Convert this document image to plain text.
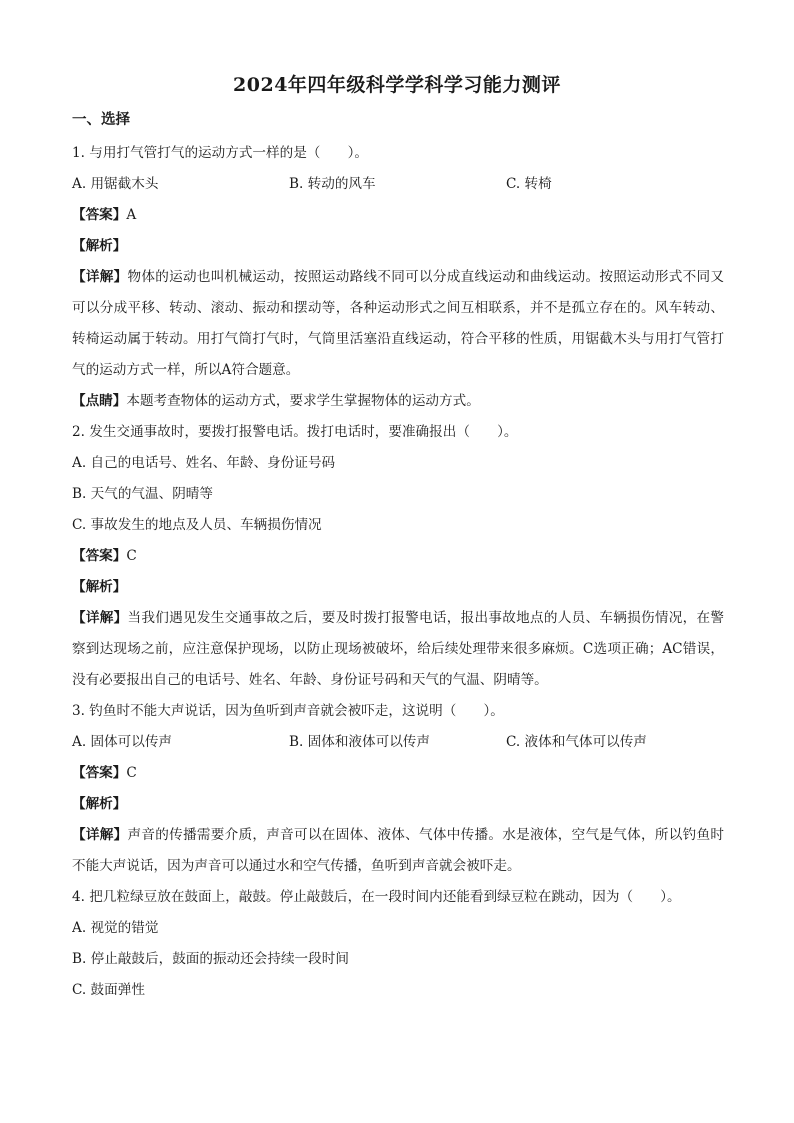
2024年四年级科学学科学习能力测评
一、选择
1. 与用打气管打气的运动方式一样的是（　　）。
A. 用锯截木头	B. 转动的风车	C. 转椅
【答案】A
【解析】
【详解】物体的运动也叫机械运动，按照运动路线不同可以分成直线运动和曲线运动。按照运动形式不同又可以分成平移、转动、滚动、振动和摆动等，各种运动形式之间互相联系，并不是孤立存在的。风车转动、转椅运动属于转动。用打气筒打气时，气筒里活塞沿直线运动，符合平移的性质，用锯截木头与用打气管打气的运动方式一样，所以A符合题意。
【点睛】本题考查物体的运动方式，要求学生掌握物体的运动方式。
2. 发生交通事故时，要拨打报警电话。拨打电话时，要准确报出（　　）。
A. 自己的电话号、姓名、年龄、身份证号码
B. 天气的气温、阴晴等
C. 事故发生的地点及人员、车辆损伤情况
【答案】C
【解析】
【详解】当我们遇见发生交通事故之后，要及时拨打报警电话，报出事故地点的人员、车辆损伤情况，在警察到达现场之前，应注意保护现场，以防止现场被破坏，给后续处理带来很多麻烦。C选项正确；AC错误，没有必要报出自己的电话号、姓名、年龄、身份证号码和天气的气温、阴晴等。
3. 钓鱼时不能大声说话，因为鱼听到声音就会被吓走，这说明（　　）。
A. 固体可以传声	B. 固体和液体可以传声	C. 液体和气体可以传声
【答案】C
【解析】
【详解】声音的传播需要介质，声音可以在固体、液体、气体中传播。水是液体，空气是气体，所以钓鱼时不能大声说话，因为声音可以通过水和空气传播，鱼听到声音就会被吓走。
4. 把几粒绿豆放在鼓面上，敲鼓。停止敲鼓后，在一段时间内还能看到绿豆粒在跳动，因为（　　）。
A. 视觉的错觉
B. 停止敲鼓后，鼓面的振动还会持续一段时间
C. 鼓面弹性
